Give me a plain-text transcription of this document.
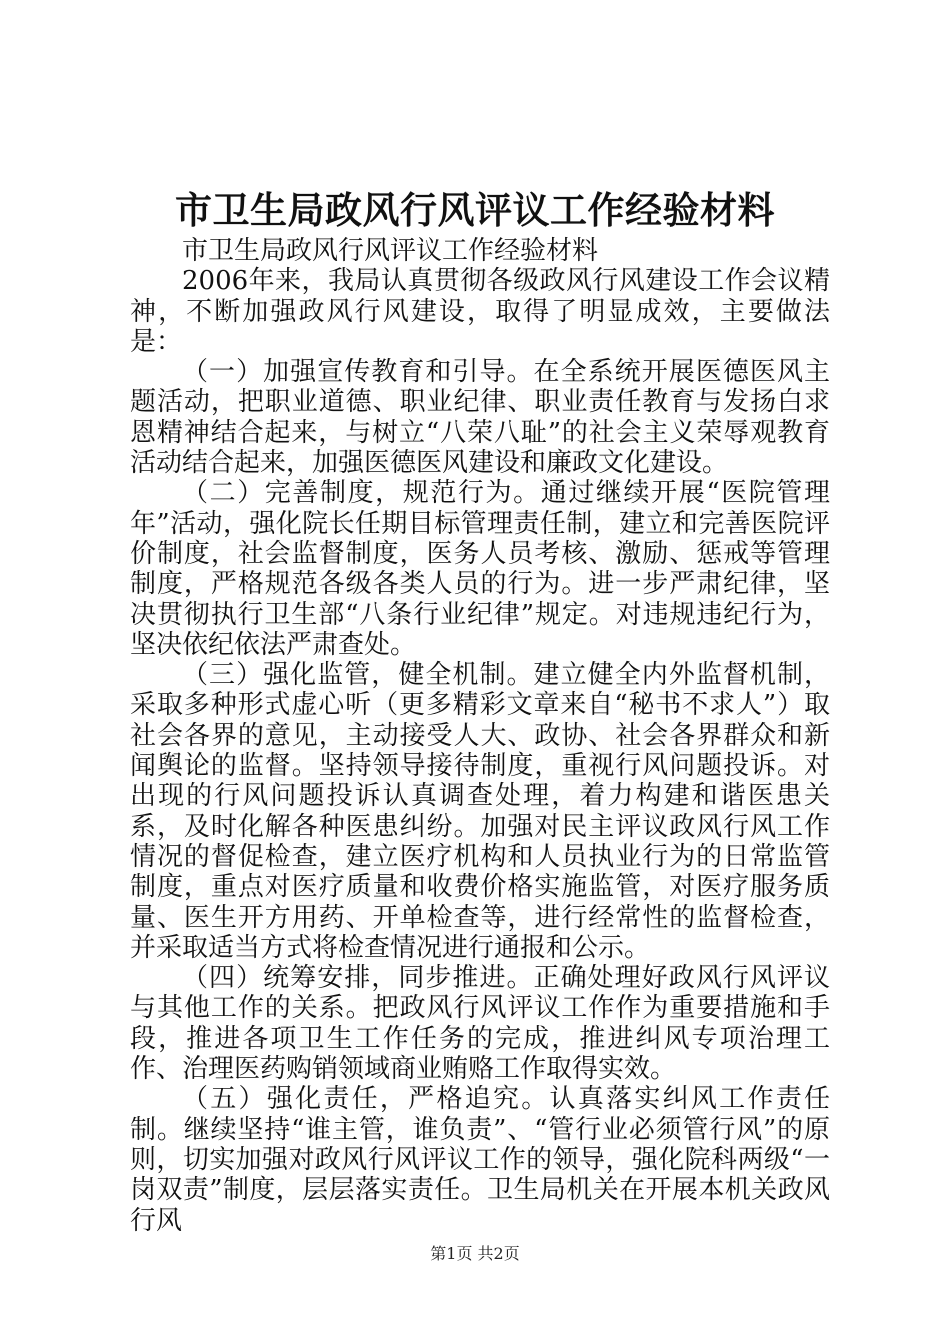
市卫生局政风行风评议工作经验材料

市卫生局政风行风评议工作经验材料

2006年来，我局认真贯彻各级政风行风建设工作会议精神，不断加强政风行风建设，取得了明显成效，主要做法是：

（一）加强宣传教育和引导。在全系统开展医德医风主题活动，把职业道德、职业纪律、职业责任教育与发扬白求恩精神结合起来，与树立“八荣八耻”的社会主义荣辱观教育活动结合起来，加强医德医风建设和廉政文化建设。

（二）完善制度，规范行为。通过继续开展“医院管理年”活动，强化院长任期目标管理责任制，建立和完善医院评价制度，社会监督制度，医务人员考核、激励、惩戒等管理制度，严格规范各级各类人员的行为。进一步严肃纪律，坚决贯彻执行卫生部“八条行业纪律”规定。对违规违纪行为，坚决依纪依法严肃查处。

（三）强化监管，健全机制。建立健全内外监督机制，采取多种形式虚心听（更多精彩文章来自“秘书不求人”）取社会各界的意见，主动接受人大、政协、社会各界群众和新闻舆论的监督。坚持领导接待制度，重视行风问题投诉。对出现的行风问题投诉认真调查处理，着力构建和谐医患关系，及时化解各种医患纠纷。加强对民主评议政风行风工作情况的督促检查，建立医疗机构和人员执业行为的日常监管制度，重点对医疗质量和收费价格实施监管，对医疗服务质量、医生开方用药、开单检查等，进行经常性的监督检查，并采取适当方式将检查情况进行通报和公示。

（四）统筹安排，同步推进。正确处理好政风行风评议与其他工作的关系。把政风行风评议工作作为重要措施和手段，推进各项卫生工作任务的完成，推进纠风专项治理工作、治理医药购销领域商业贿赂工作取得实效。

（五）强化责任，严格追究。认真落实纠风工作责任制。继续坚持“谁主管，谁负责”、“管行业必须管行风”的原则，切实加强对政风行风评议工作的领导，强化院科两级“一岗双责”制度，层层落实责任。卫生局机关在开展本机关政风行风

第1页 共2页
